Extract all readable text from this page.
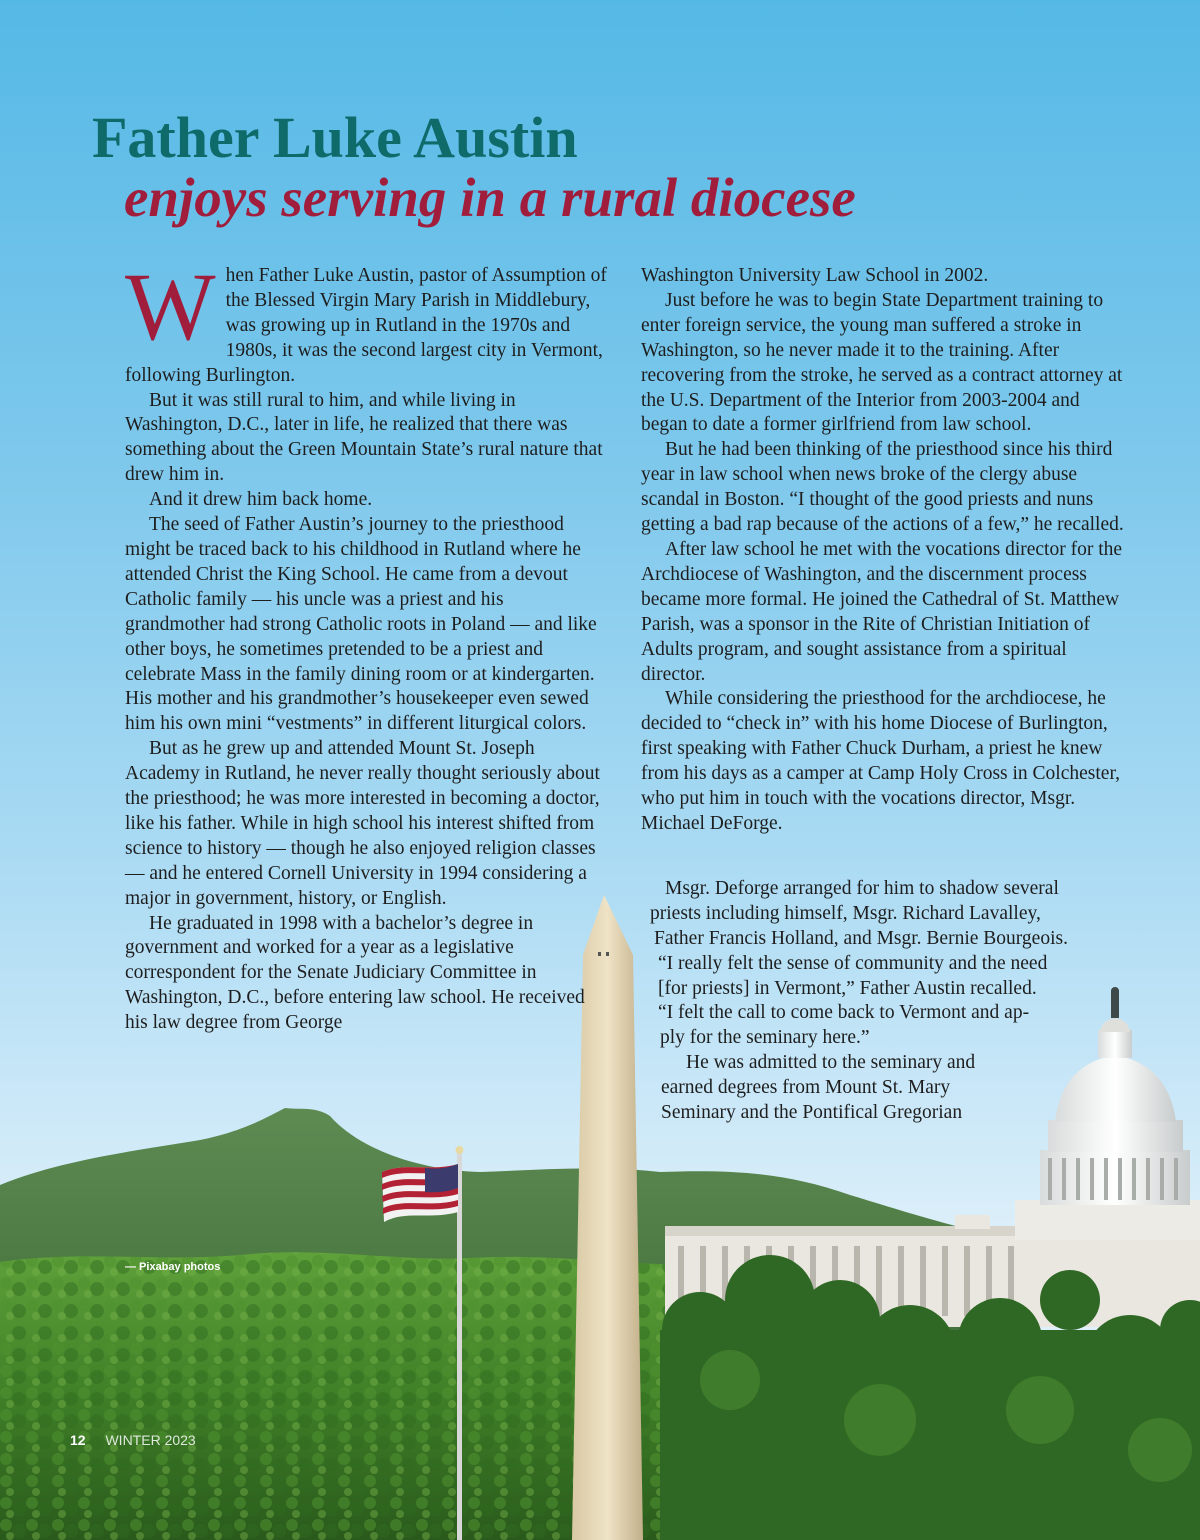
Father Luke Austin
enjoys serving in a rural diocese

When Father Luke Austin, pastor of Assumption of the Blessed Virgin Mary Parish in Middlebury, was growing up in Rutland in the 1970s and 1980s, it was the second largest city in Vermont, following Burlington.

But it was still rural to him, and while living in Washington, D.C., later in life, he realized that there was something about the Green Mountain State’s rural nature that drew him in.

And it drew him back home.

The seed of Father Austin’s journey to the priesthood might be traced back to his childhood in Rutland where he attended Christ the King School. He came from a devout Catholic family — his uncle was a priest and his grandmother had strong Catholic roots in Poland — and like other boys, he sometimes pretended to be a priest and celebrate Mass in the family dining room or at kindergarten. His mother and his grandmother’s housekeeper even sewed him his own mini “vestments” in different liturgical colors.

But as he grew up and attended Mount St. Joseph Academy in Rutland, he never really thought seriously about the priesthood; he was more interested in becoming a doctor, like his father. While in high school his interest shifted from science to history — though he also enjoyed religion classes — and he entered Cornell University in 1994 considering a major in government, history, or English.

He graduated in 1998 with a bachelor’s degree in government and worked for a year as a legislative correspondent for the Senate Judiciary Committee in Washington, D.C., before entering law school. He received his law degree from George

Washington University Law School in 2002.

Just before he was to begin State Department training to enter foreign service, the young man suffered a stroke in Washington, so he never made it to the training. After recovering from the stroke, he served as a contract attorney at the U.S. Department of the Interior from 2003-2004 and began to date a former girlfriend from law school.

But he had been thinking of the priesthood since his third year in law school when news broke of the clergy abuse scandal in Boston. “I thought of the good priests and nuns getting a bad rap because of the actions of a few,” he recalled.

After law school he met with the vocations director for the Archdiocese of Washington, and the discernment process became more formal. He joined the Cathedral of St. Matthew Parish, was a sponsor in the Rite of Christian Initiation of Adults program, and sought assistance from a spiritual director.

While considering the priesthood for the archdiocese, he decided to “check in” with his home Diocese of Burlington, first speaking with Father Chuck Durham, a priest he knew from his days as a camper at Camp Holy Cross in Colchester, who put him in touch with the vocations director, Msgr. Michael DeForge.

Msgr. Deforge arranged for him to shadow several
priests including himself, Msgr. Richard Lavalley,
Father Francis Holland, and Msgr. Bernie Bourgeois.
“I really felt the sense of community and the need
[for priests] in Vermont,” Father Austin recalled.
“I felt the call to come back to Vermont and ap-
ply for the seminary here.”
He was admitted to the seminary and
earned degrees from Mount St. Mary
Seminary and the Pontifical Gregorian
— Pixabay photos
12 WINTER 2023
